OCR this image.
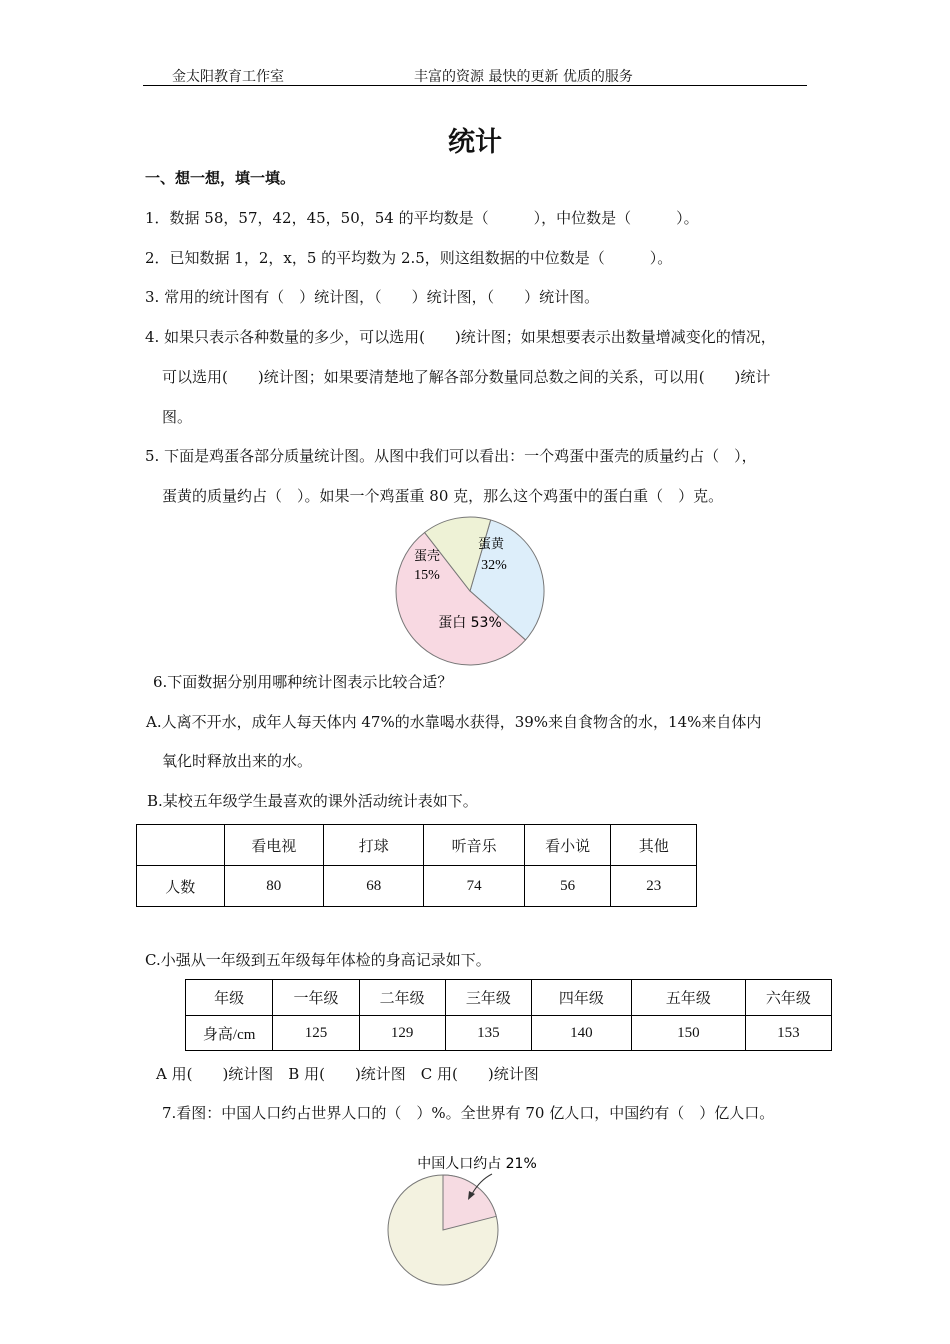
金太阳教育工作室	丰富的资源 最快的更新 优质的服务
统计
一、想一想，填一填。
1．数据 58，57，42，45，50，54 的平均数是（　　　），中位数是（　　　）。
2．已知数据 1，2，x，5 的平均数为 2.5，则这组数据的中位数是（　　　）。
3. 常用的统计图有（　）统计图，（　　）统计图，（　　）统计图。
4. 如果只表示各种数量的多少，可以选用(　　)统计图；如果想要表示出数量增减变化的情况，
可以选用(　　)统计图；如果要清楚地了解各部分数量同总数之间的关系，可以用(　　)统计
图。
5. 下面是鸡蛋各部分质量统计图。从图中我们可以看出：一个鸡蛋中蛋壳的质量约占（　），
蛋黄的质量约占（　）。如果一个鸡蛋重 80 克，那么这个鸡蛋中的蛋白重（　）克。
蛋黄
32%
蛋壳
15%
蛋白 53%
6.下面数据分别用哪种统计图表示比较合适？
A.人离不开水，成年人每天体内 47%的水靠喝水获得，39%来自食物含的水，14%来自体内
氧化时释放出来的水。
B.某校五年级学生最喜欢的课外活动统计表如下。
	看电视	打球	听音乐	看小说	其他
人数	80	68	74	56	23
C.小强从一年级到五年级每年体检的身高记录如下。
年级	一年级	二年级	三年级	四年级	五年级	六年级
身高/cm	125	129	135	140	150	153
A 用(　　)统计图　B 用(　　)统计图　C 用(　　)统计图
7.看图：中国人口约占世界人口的（　）%。全世界有 70 亿人口，中国约有（　）亿人口。
中国人口约占 21%
